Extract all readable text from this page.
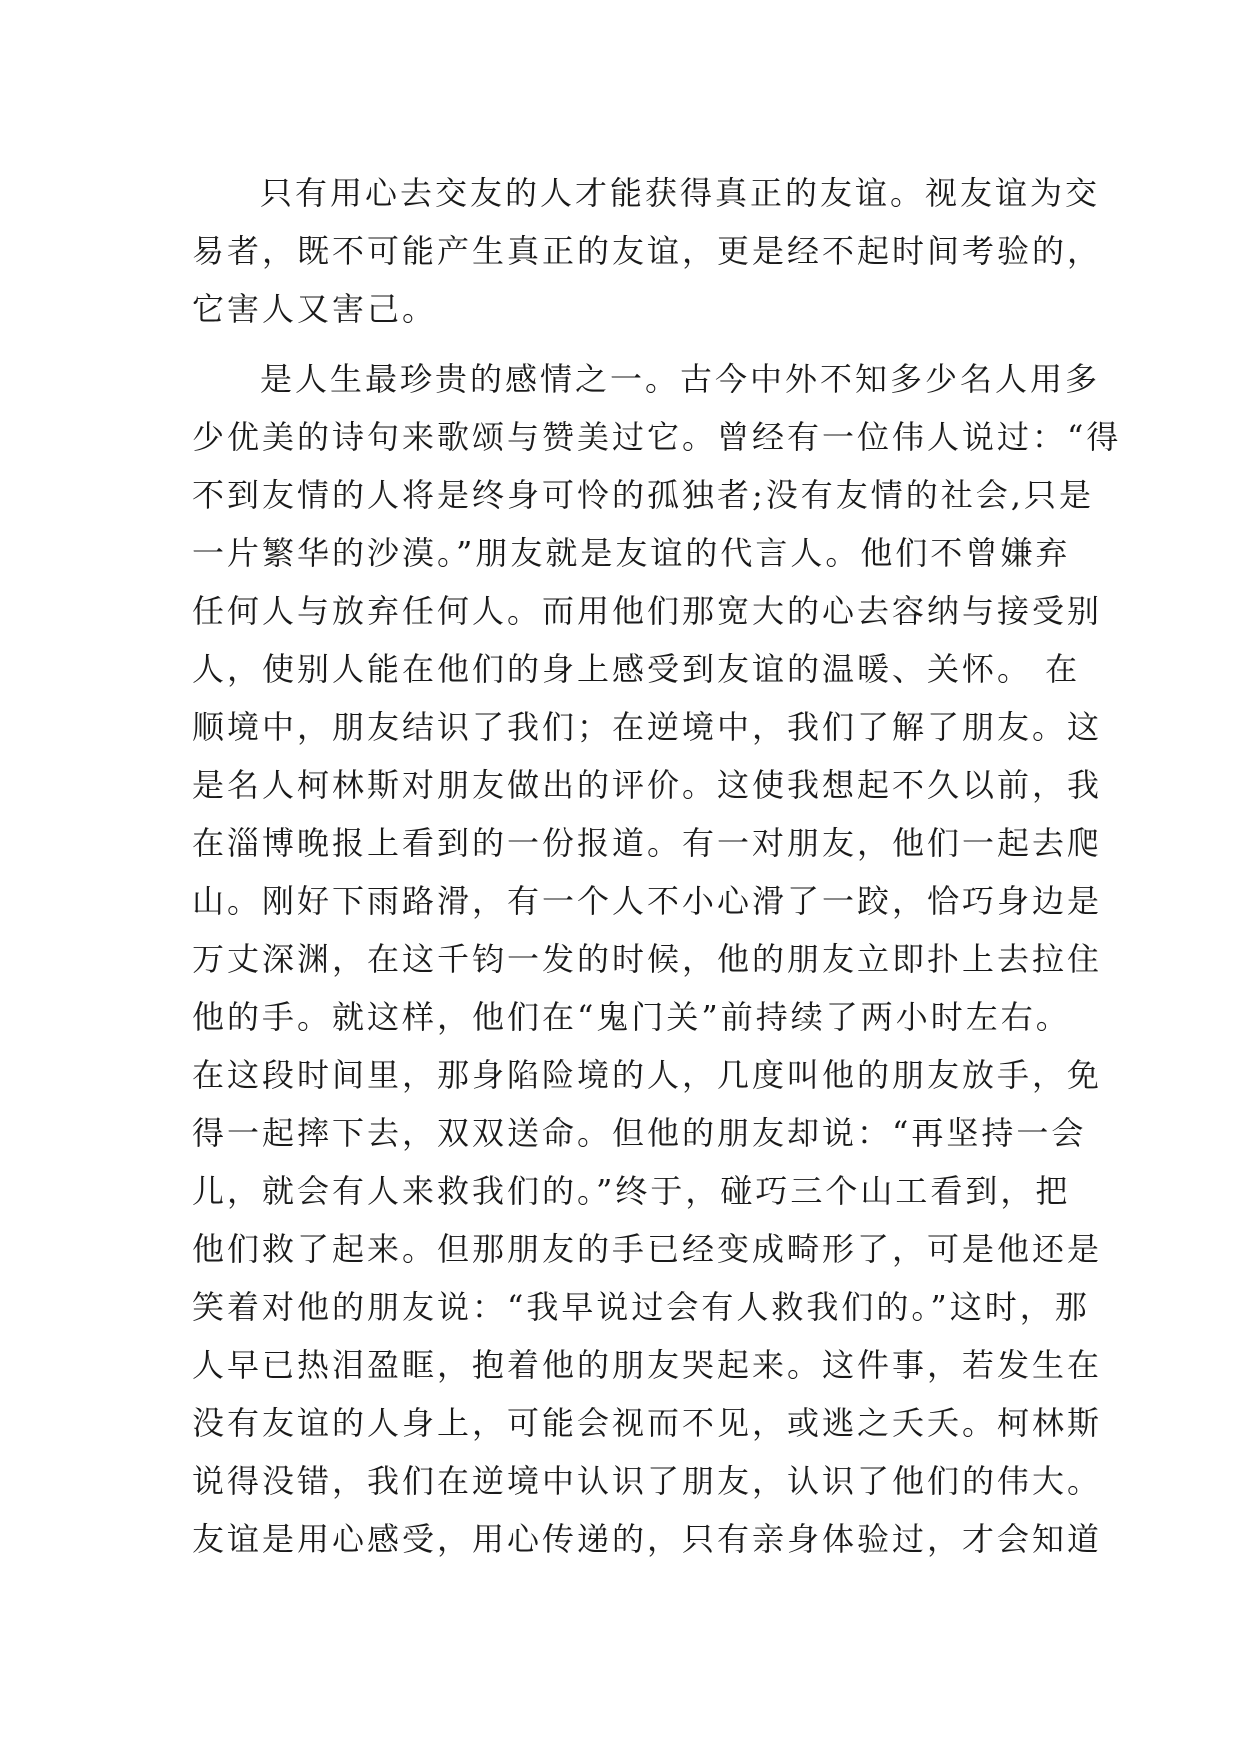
只有用心去交友的人才能获得真正的友谊。视友谊为交
易者，既不可能产生真正的友谊，更是经不起时间考验的，
它害人又害己。
是人生最珍贵的感情之一。古今中外不知多少名人用多
少优美的诗句来歌颂与赞美过它。曾经有一位伟人说过：“得
不到友情的人将是终身可怜的孤独者;没有友情的社会,只是
一片繁华的沙漠。”朋友就是友谊的代言人。他们不曾嫌弃
任何人与放弃任何人。而用他们那宽大的心去容纳与接受别
人，使别人能在他们的身上感受到友谊的温暖、关怀。 在
顺境中，朋友结识了我们；在逆境中，我们了解了朋友。这
是名人柯林斯对朋友做出的评价。这使我想起不久以前，我
在淄博晚报上看到的一份报道。有一对朋友，他们一起去爬
山。刚好下雨路滑，有一个人不小心滑了一跤，恰巧身边是
万丈深渊，在这千钧一发的时候，他的朋友立即扑上去拉住
他的手。就这样，他们在“鬼门关”前持续了两小时左右。
在这段时间里，那身陷险境的人，几度叫他的朋友放手，免
得一起摔下去，双双送命。但他的朋友却说：“再坚持一会
儿，就会有人来救我们的。”终于，碰巧三个山工看到，把
他们救了起来。但那朋友的手已经变成畸形了，可是他还是
笑着对他的朋友说：“我早说过会有人救我们的。”这时，那
人早已热泪盈眶，抱着他的朋友哭起来。这件事，若发生在
没有友谊的人身上，可能会视而不见，或逃之夭夭。柯林斯
说得没错，我们在逆境中认识了朋友，认识了他们的伟大。
友谊是用心感受，用心传递的，只有亲身体验过，才会知道
